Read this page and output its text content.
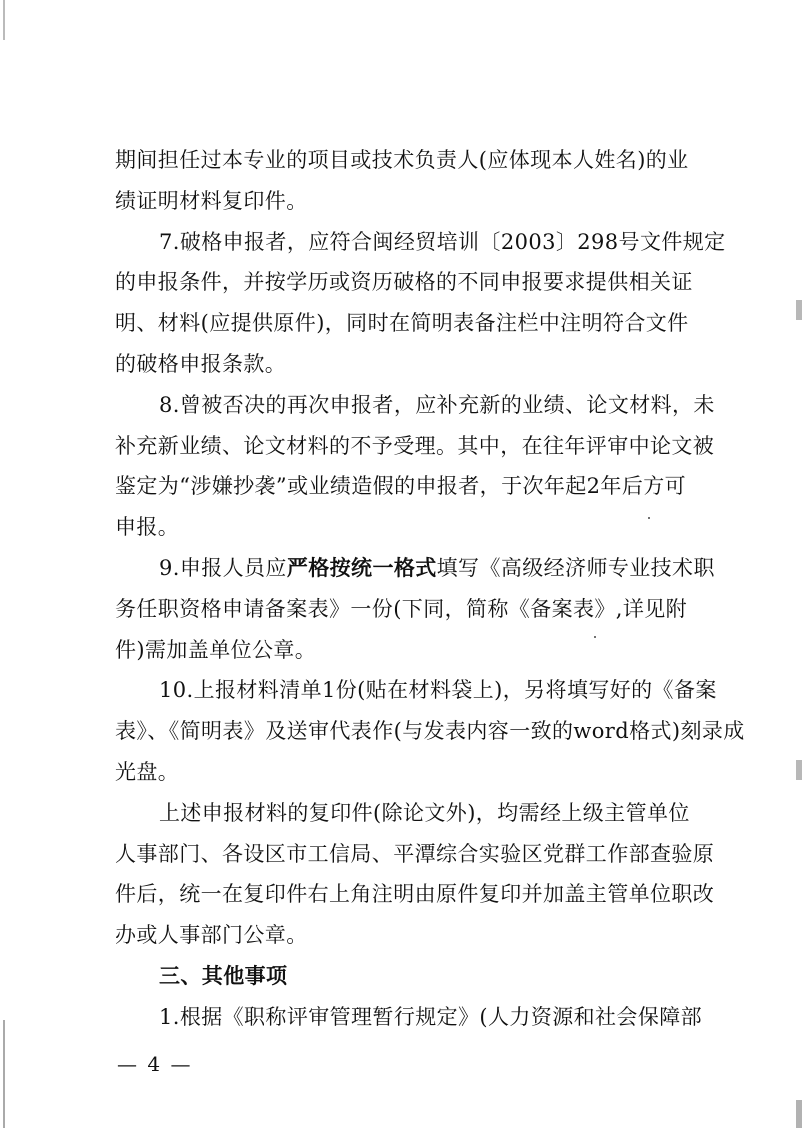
期间担任过本专业的项目或技术负责人(应体现本人姓名)的业
绩证明材料复印件。
7.破格申报者，应符合闽经贸培训〔2003〕298号文件规定
的申报条件，并按学历或资历破格的不同申报要求提供相关证
明、材料(应提供原件)，同时在简明表备注栏中注明符合文件
的破格申报条款。
8.曾被否决的再次申报者，应补充新的业绩、论文材料，未
补充新业绩、论文材料的不予受理。其中，在往年评审中论文被
鉴定为“涉嫌抄袭”或业绩造假的申报者，于次年起2年后方可
申报。
9.申报人员应严格按统一格式填写《高级经济师专业技术职
务任职资格申请备案表》一份(下同，简称《备案表》,详见附
件)需加盖单位公章。
10.上报材料清单1份(贴在材料袋上)，另将填写好的《备案
表》、《简明表》及送审代表作(与发表内容一致的word格式)刻录成
光盘。
上述申报材料的复印件(除论文外)，均需经上级主管单位
人事部门、各设区市工信局、平潭综合实验区党群工作部查验原
件后，统一在复印件右上角注明由原件复印并加盖主管单位职改
办或人事部门公章。
三、其他事项
1.根据《职称评审管理暂行规定》(人力资源和社会保障部
— 4 —
